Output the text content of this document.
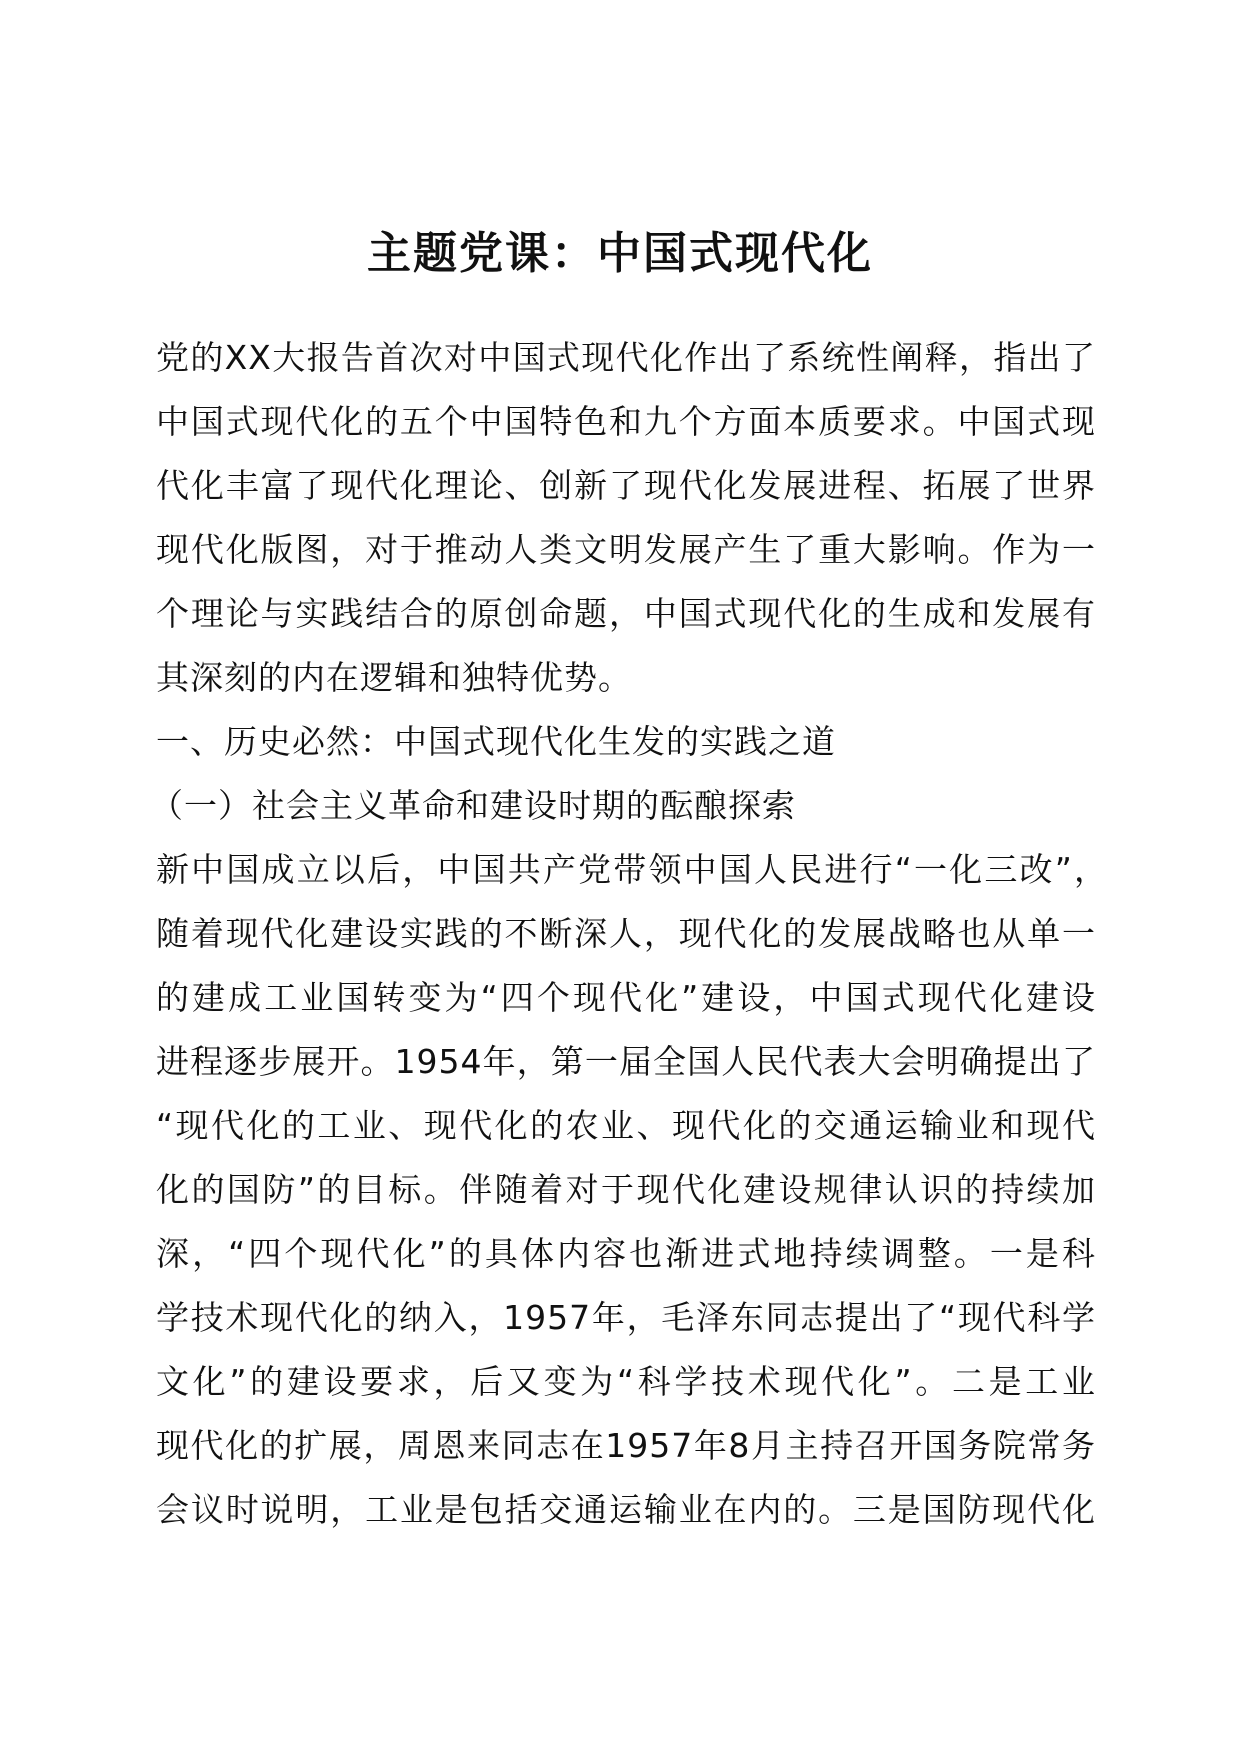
主题党课：中国式现代化
党的XX大报告首次对中国式现代化作出了系统性阐释，指出了
中国式现代化的五个中国特色和九个方面本质要求。中国式现
代化丰富了现代化理论、创新了现代化发展进程、拓展了世界
现代化版图，对于推动人类文明发展产生了重大影响。作为一
个理论与实践结合的原创命题，中国式现代化的生成和发展有
其深刻的内在逻辑和独特优势。
一、历史必然：中国式现代化生发的实践之道
（一）社会主义革命和建设时期的酝酿探索
新中国成立以后，中国共产党带领中国人民进行“一化三改”，
随着现代化建设实践的不断深人，现代化的发展战略也从单一
的建成工业国转变为“四个现代化”建设，中国式现代化建设
进程逐步展开。1954年，第一届全国人民代表大会明确提出了
“现代化的工业、现代化的农业、现代化的交通运输业和现代
化的国防”的目标。伴随着对于现代化建设规律认识的持续加
深，“四个现代化”的具体内容也渐进式地持续调整。一是科
学技术现代化的纳入，1957年，毛泽东同志提出了“现代科学
文化”的建设要求，后又变为“科学技术现代化”。二是工业
现代化的扩展，周恩来同志在1957年8月主持召开国务院常务
会议时说明，工业是包括交通运输业在内的。三是国防现代化
